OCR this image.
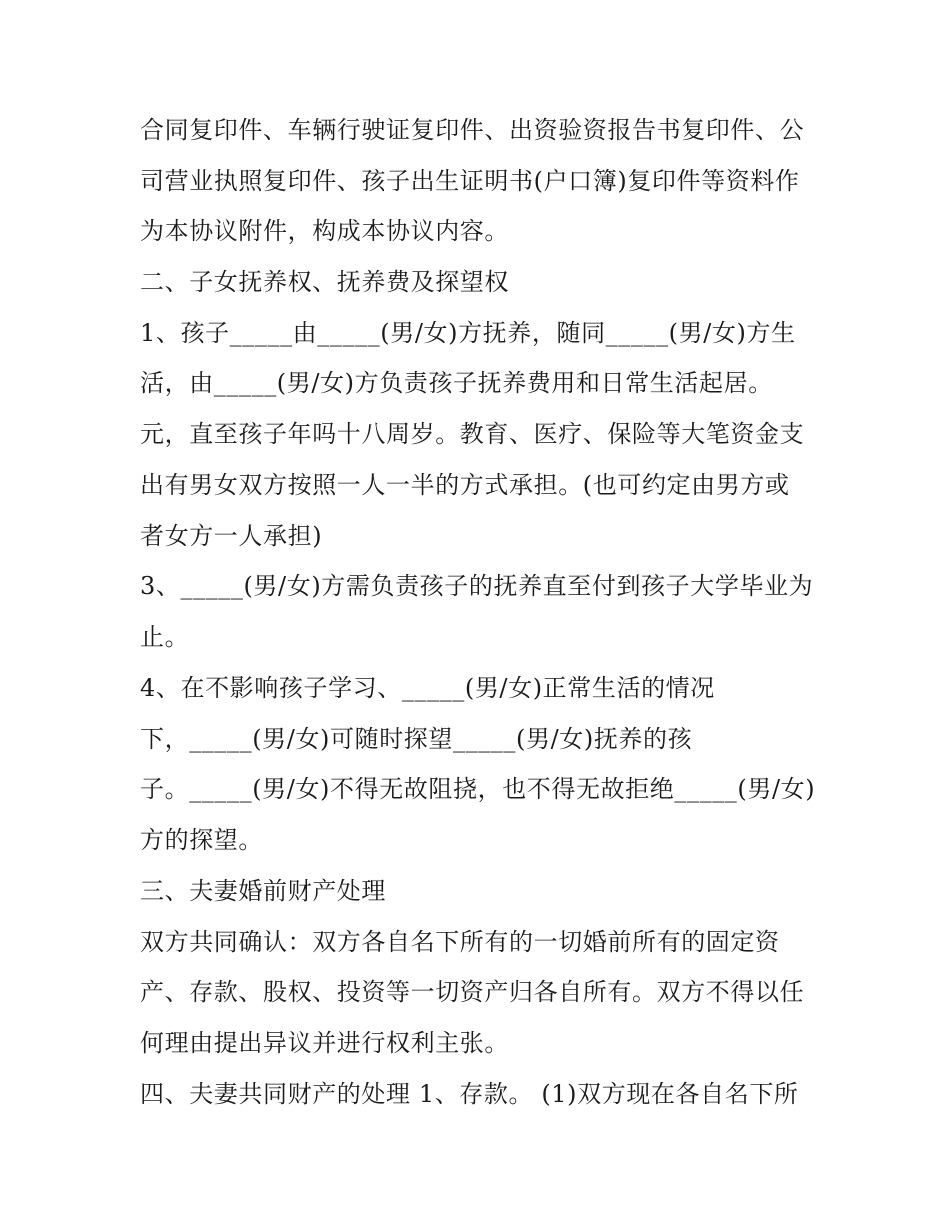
合同复印件、车辆行驶证复印件、出资验资报告书复印件、公
司营业执照复印件、孩子出生证明书(户口簿)复印件等资料作
为本协议附件，构成本协议内容。
二、子女抚养权、抚养费及探望权
1、孩子_____由_____(男/女)方抚养，随同_____(男/女)方生
活，由_____(男/女)方负责孩子抚养费用和日常生活起居。
元，直至孩子年吗十八周岁。教育、医疗、保险等大笔资金支
出有男女双方按照一人一半的方式承担。(也可约定由男方或
者女方一人承担)
3、_____(男/女)方需负责孩子的抚养直至付到孩子大学毕业为
止。
4、在不影响孩子学习、_____(男/女)正常生活的情况
下，_____(男/女)可随时探望_____(男/女)抚养的孩
子。_____(男/女)不得无故阻挠，也不得无故拒绝_____(男/女)
方的探望。
三、夫妻婚前财产处理
双方共同确认：双方各自名下所有的一切婚前所有的固定资
产、存款、股权、投资等一切资产归各自所有。双方不得以任
何理由提出异议并进行权利主张。
四、夫妻共同财产的处理 1、存款。 (1)双方现在各自名下所
